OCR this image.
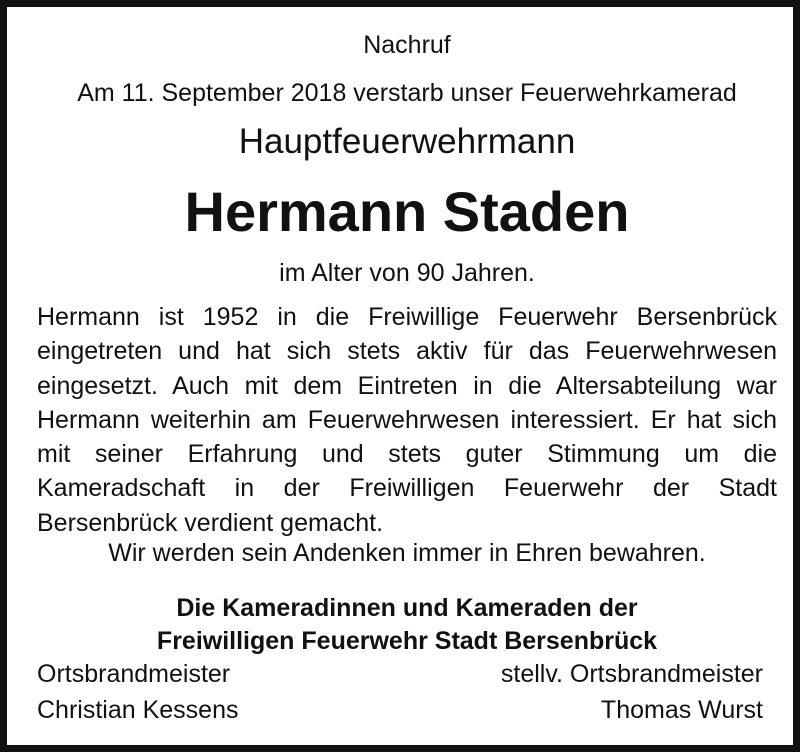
Nachruf
Am 11. September 2018 verstarb unser Feuerwehrkamerad
Hauptfeuerwehrmann
Hermann Staden
im Alter von 90 Jahren.

Hermann ist 1952 in die Freiwillige Feuerwehr Bersenbrück eingetreten und hat sich stets aktiv für das Feuerwehrwesen eingesetzt. Auch mit dem Eintreten in die Altersabteilung war Hermann weiterhin am Feuerwehrwesen interessiert. Er hat sich mit seiner Erfahrung und stets guter Stimmung um die Kameradschaft in der Freiwilligen Feuerwehr der Stadt Bersenbrück verdient gemacht.

Wir werden sein Andenken immer in Ehren bewahren.
Die Kameradinnen und Kameraden der
Freiwilligen Feuerwehr Stadt Bersenbrück
Ortsbrandmeister	stellv. Ortsbrandmeister
Christian Kessens	Thomas Wurst
